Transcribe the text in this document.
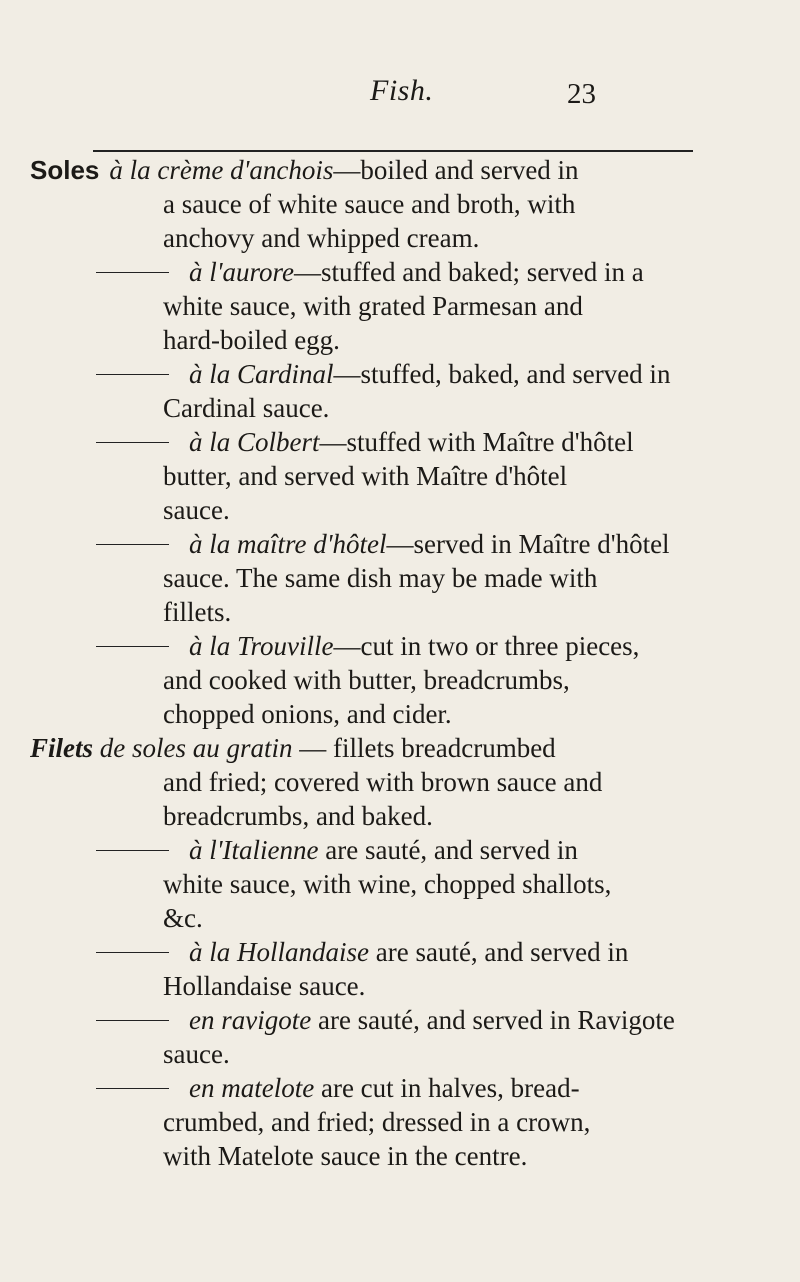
Fish.	23
Soles à la crème d'anchois—boiled and served in
a sauce of white sauce and broth, with
anchovy and whipped cream.
à l'aurore—stuffed and baked; served in a
white sauce, with grated Parmesan and
hard-boiled egg.
à la Cardinal—stuffed, baked, and served in
Cardinal sauce.
à la Colbert—stuffed with Maître d'hôtel
butter, and served with Maître d'hôtel
sauce.
à la maître d'hôtel—served in Maître d'hôtel
sauce. The same dish may be made with
fillets.
à la Trouville—cut in two or three pieces,
and cooked with butter, breadcrumbs,
chopped onions, and cider.
Filets de soles au gratin — fillets breadcrumbed
and fried; covered with brown sauce and
breadcrumbs, and baked.
à l'Italienne are sauté, and served in
white sauce, with wine, chopped shallots,
&c.
à la Hollandaise are sauté, and served in
Hollandaise sauce.
en ravigote are sauté, and served in Ravigote
sauce.
en matelote are cut in halves, bread-
crumbed, and fried; dressed in a crown,
with Matelote sauce in the centre.
